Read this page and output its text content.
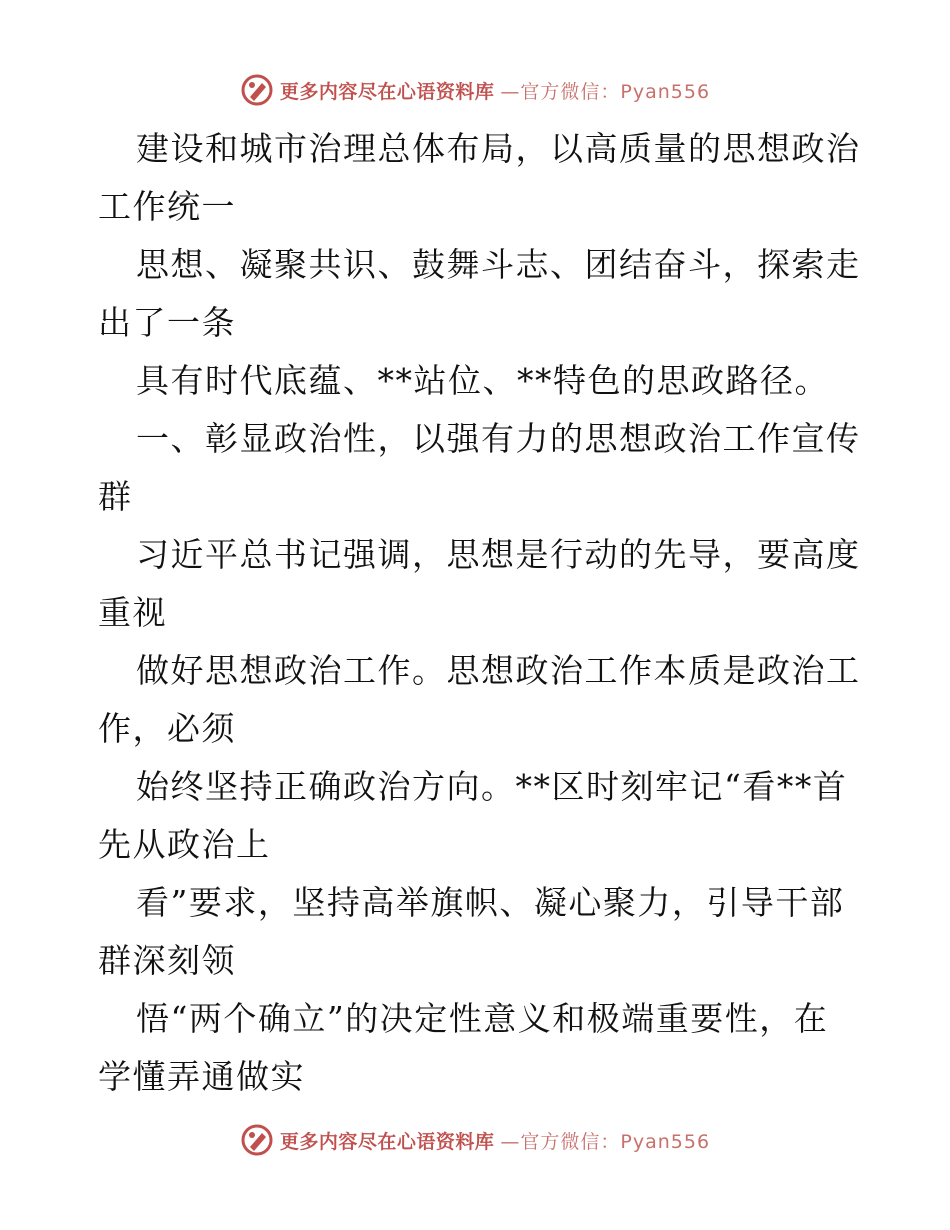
更多内容尽在心语资料库 —官方微信：Pyan556
建设和城市治理总体布局，以高质量的思想政治
工作统一
思想、凝聚共识、鼓舞斗志、团结奋斗，探索走
出了一条
具有时代底蕴、**站位、**特色的思政路径。
一、彰显政治性，以强有力的思想政治工作宣传
群
习近平总书记强调，思想是行动的先导，要高度
重视
做好思想政治工作。思想政治工作本质是政治工
作，必须
始终坚持正确政治方向。**区时刻牢记“看**首
先从政治上
看”要求，坚持高举旗帜、凝心聚力，引导干部
群深刻领
悟“两个确立”的决定性意义和极端重要性，在
学懂弄通做实
更多内容尽在心语资料库 —官方微信：Pyan556
